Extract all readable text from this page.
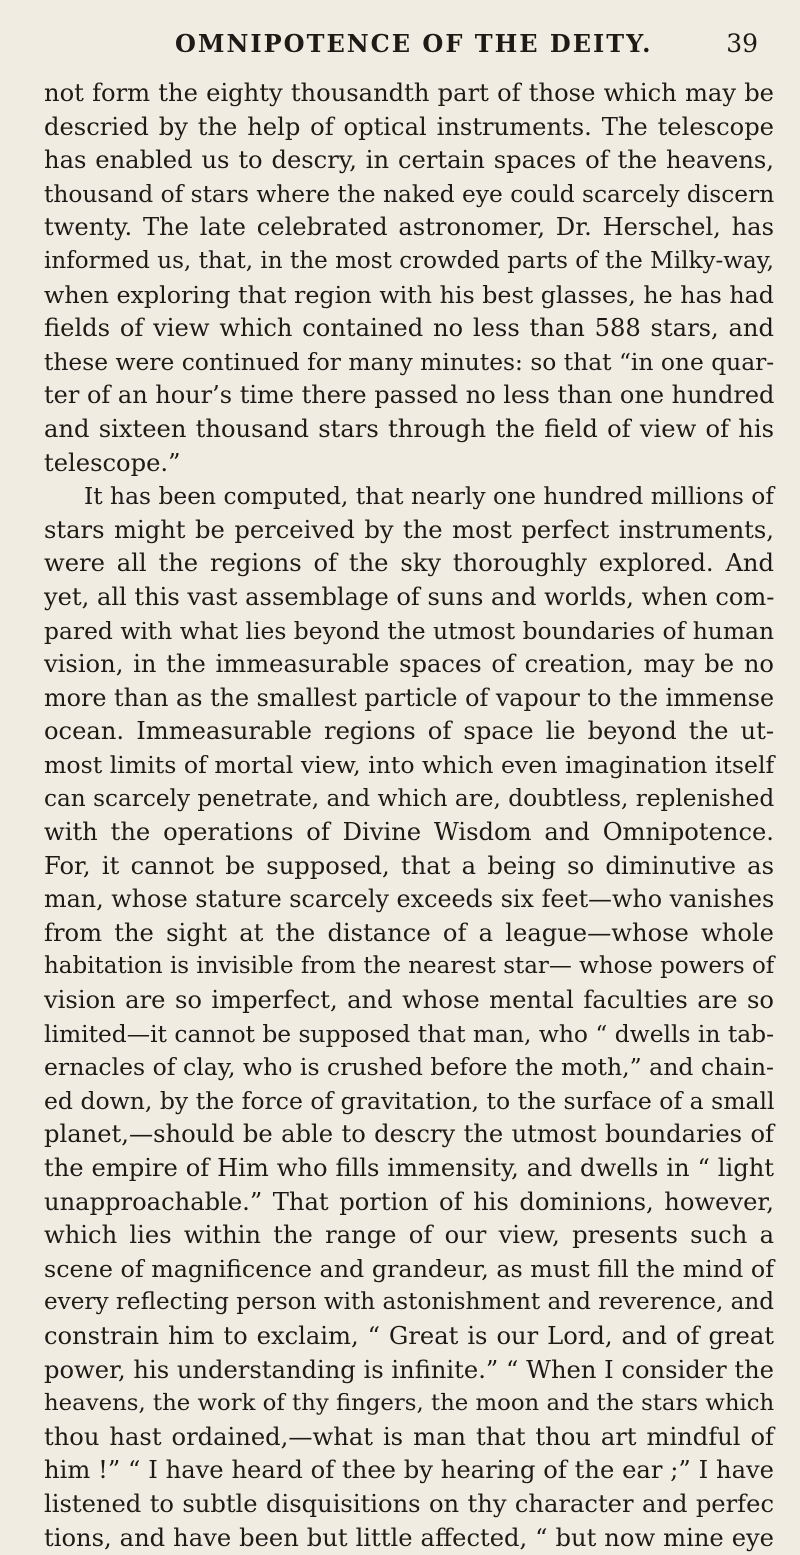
OMNIPOTENCE OF THE DEITY.	39
not form the eighty thousandth part of those which may be
descried by the help of optical instruments. The telescope
has enabled us to descry, in certain spaces of the heavens,
thousand of stars where the naked eye could scarcely discern
twenty. The late celebrated astronomer, Dr. Herschel, has
informed us, that, in the most crowded parts of the Milky-way,
when exploring that region with his best glasses, he has had
fields of view which contained no less than 588 stars, and
these were continued for many minutes: so that “in one quar-
ter of an hour’s time there passed no less than one hundred
and sixteen thousand stars through the field of view of his
telescope.”
It has been computed, that nearly one hundred millions of
stars might be perceived by the most perfect instruments,
were all the regions of the sky thoroughly explored. And
yet, all this vast assemblage of suns and worlds, when com-
pared with what lies beyond the utmost boundaries of human
vision, in the immeasurable spaces of creation, may be no
more than as the smallest particle of vapour to the immense
ocean. Immeasurable regions of space lie beyond the ut-
most limits of mortal view, into which even imagination itself
can scarcely penetrate, and which are, doubtless, replenished
with the operations of Divine Wisdom and Omnipotence.
For, it cannot be supposed, that a being so diminutive as
man, whose stature scarcely exceeds six feet—who vanishes
from the sight at the distance of a league—whose whole
habitation is invisible from the nearest star— whose powers of
vision are so imperfect, and whose mental faculties are so
limited—it cannot be supposed that man, who “ dwells in tab-
ernacles of clay, who is crushed before the moth,” and chain-
ed down, by the force of gravitation, to the surface of a small
planet,—should be able to descry the utmost boundaries of
the empire of Him who fills immensity, and dwells in “ light
unapproachable.” That portion of his dominions, however,
which lies within the range of our view, presents such a
scene of magnificence and grandeur, as must fill the mind of
every reflecting person with astonishment and reverence, and
constrain him to exclaim, “ Great is our Lord, and of great
power, his understanding is infinite.” “ When I consider the
heavens, the work of thy fingers, the moon and the stars which
thou hast ordained,—what is man that thou art mindful of
him !” “ I have heard of thee by hearing of the ear ;” I have
listened to subtle disquisitions on thy character and perfec
tions, and have been but little affected, “ but now mine eye
